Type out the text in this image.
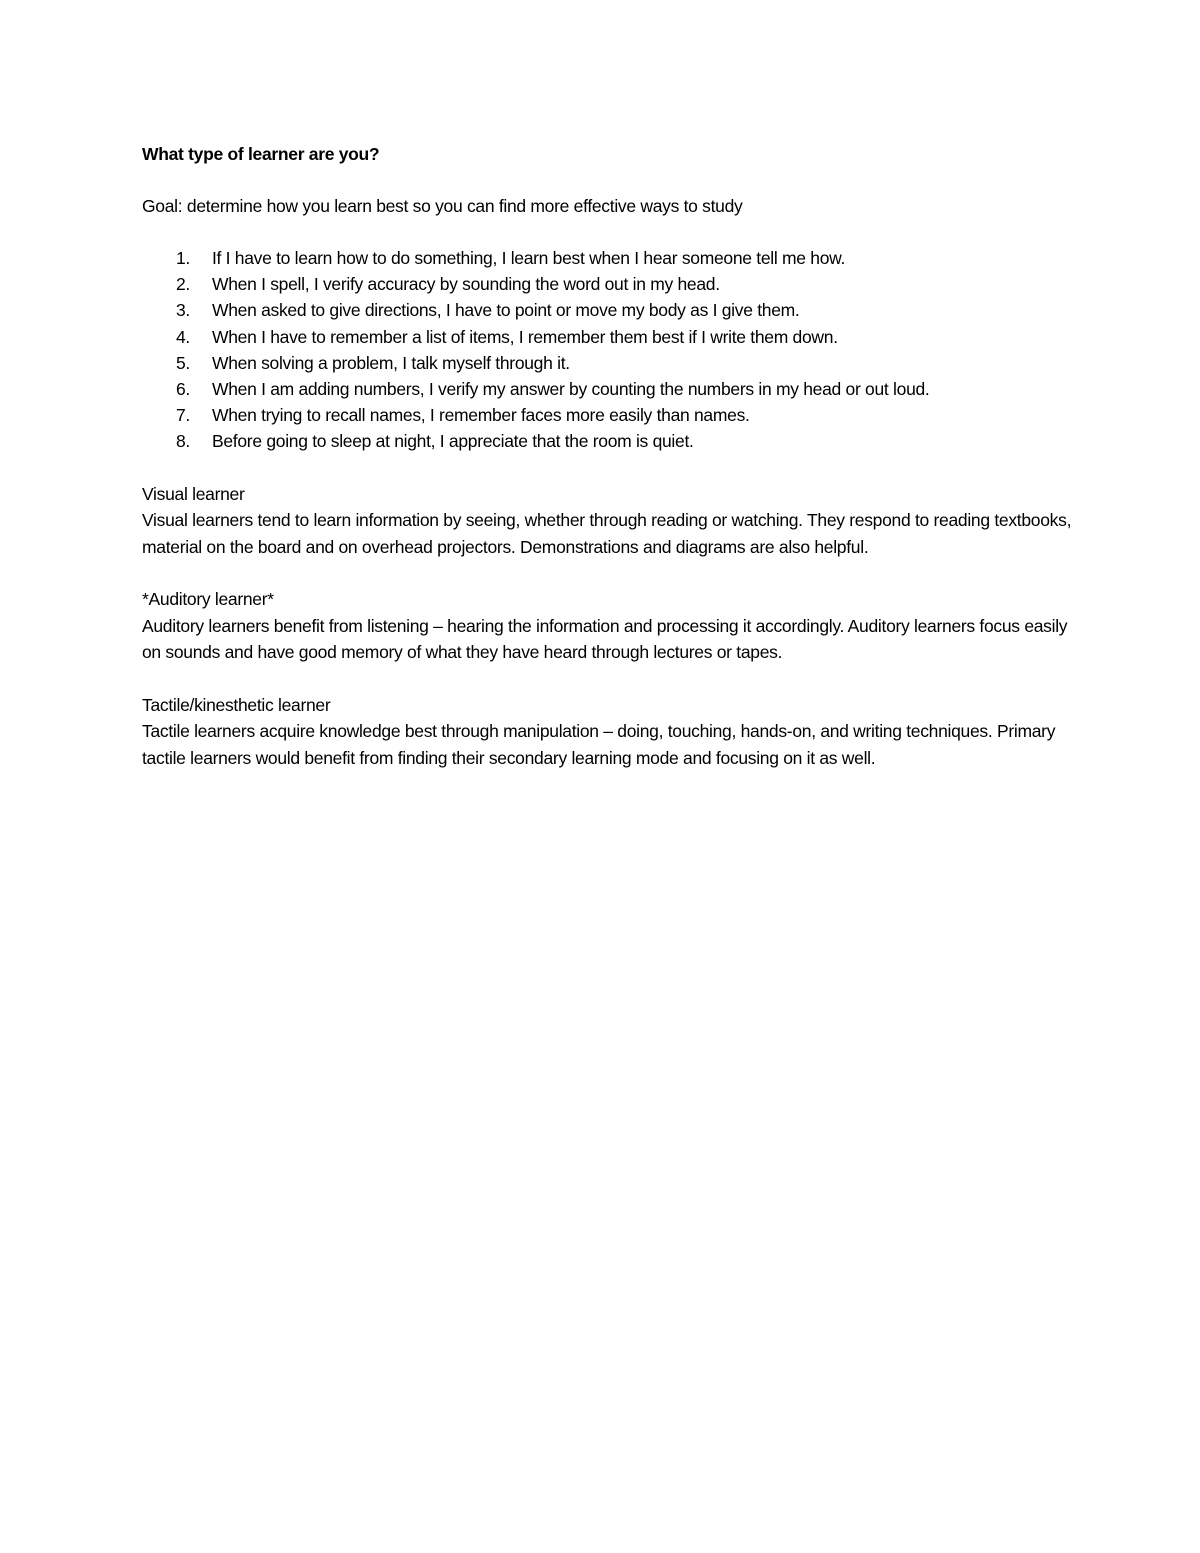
What type of learner are you?

Goal: determine how you learn best so you can find more effective ways to study

1. If I have to learn how to do something, I learn best when I hear someone tell me how.
2. When I spell, I verify accuracy by sounding the word out in my head.
3. When asked to give directions, I have to point or move my body as I give them.
4. When I have to remember a list of items, I remember them best if I write them down.
5. When solving a problem, I talk myself through it.
6. When I am adding numbers, I verify my answer by counting the numbers in my head or out loud.
7. When trying to recall names, I remember faces more easily than names.
8. Before going to sleep at night, I appreciate that the room is quiet.

Visual learner

Visual learners tend to learn information by seeing, whether through reading or watching. They respond to reading textbooks, material on the board and on overhead projectors. Demonstrations and diagrams are also helpful.

*Auditory learner*

Auditory learners benefit from listening – hearing the information and processing it accordingly. Auditory learners focus easily on sounds and have good memory of what they have heard through lectures or tapes.

Tactile/kinesthetic learner

Tactile learners acquire knowledge best through manipulation – doing, touching, hands-on, and writing techniques. Primary tactile learners would benefit from finding their secondary learning mode and focusing on it as well.
